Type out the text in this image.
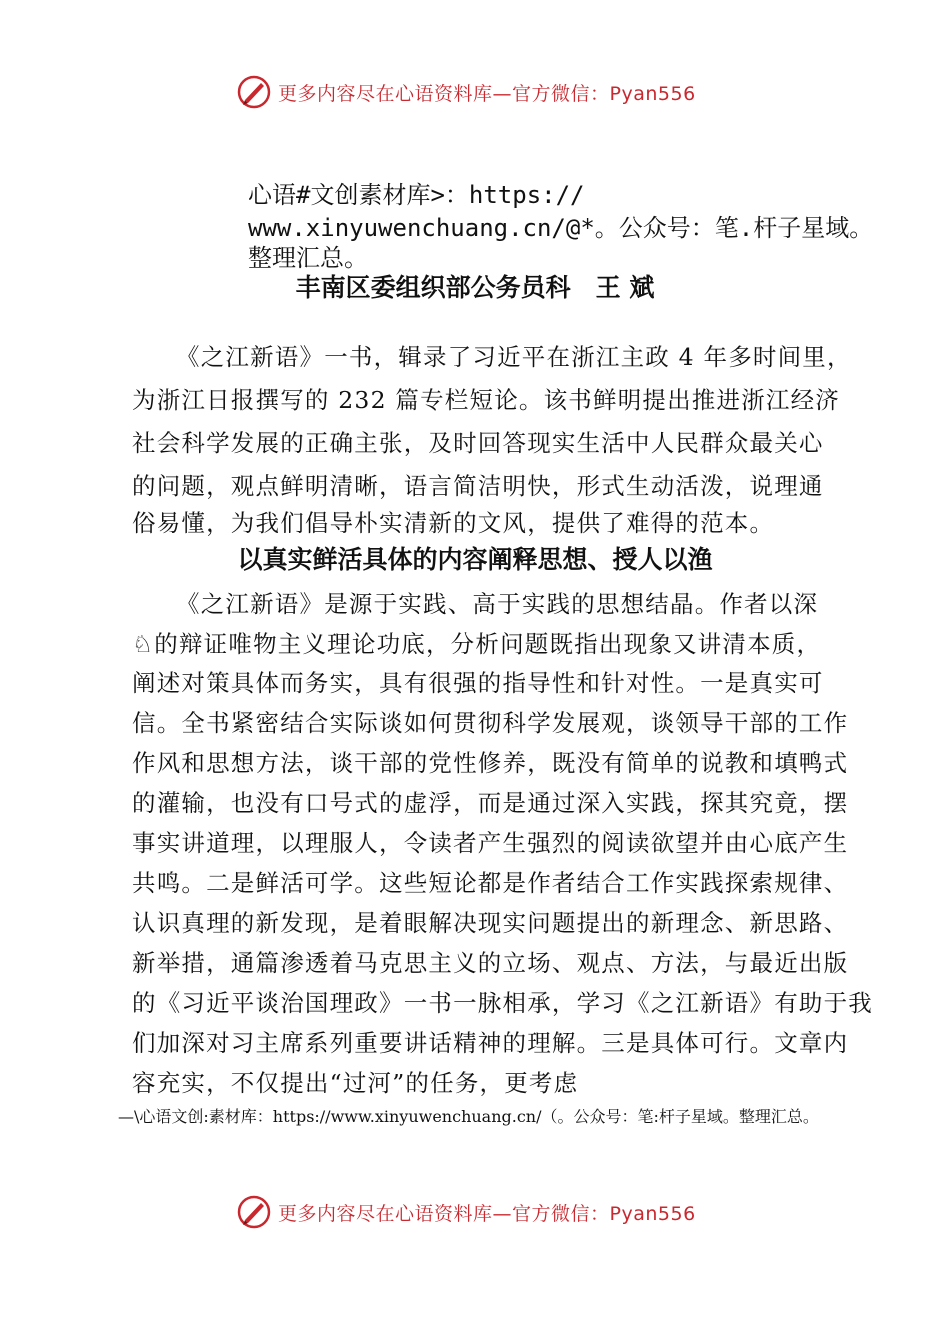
更多内容尽在心语资料库—官方微信：Pyan556
心语#文创素材库>：https://
www.xinyuwenchuang.cn/@*。公众号：笔.杆子星域。
整理汇总。
丰南区委组织部公务员科　王 斌
《之江新语》一书，辑录了习近平在浙江主政 4 年多时间里，
为浙江日报撰写的 232 篇专栏短论。该书鲜明提出推进浙江经济
社会科学发展的正确主张，及时回答现实生活中人民群众最关心
的问题，观点鲜明清晰，语言简洁明快，形式生动活泼，说理通
俗易懂，为我们倡导朴实清新的文风，提供了难得的范本。
以真实鲜活具体的内容阐释思想、授人以渔
《之江新语》是源于实践、高于实践的思想结晶。作者以深
♘的辩证唯物主义理论功底，分析问题既指出现象又讲清本质，
阐述对策具体而务实，具有很强的指导性和针对性。一是真实可
信。全书紧密结合实际谈如何贯彻科学发展观，谈领导干部的工作
作风和思想方法，谈干部的党性修养，既没有简单的说教和填鸭式
的灌输，也没有口号式的虚浮，而是通过深入实践，探其究竟，摆
事实讲道理，以理服人，令读者产生强烈的阅读欲望并由心底产生
共鸣。二是鲜活可学。这些短论都是作者结合工作实践探索规律、
认识真理的新发现，是着眼解决现实问题提出的新理念、新思路、
新举措，通篇渗透着马克思主义的立场、观点、方法，与最近出版
的《习近平谈治国理政》一书一脉相承，学习《之江新语》有助于我
们加深对习主席系列重要讲话精神的理解。三是具体可行。文章内
容充实，不仅提出“过河”的任务，更考虑
—\心语文创:素材库：https://www.xinyuwenchuang.cn/（。公众号：笔:杆子星域。整理汇总。
更多内容尽在心语资料库—官方微信：Pyan556
